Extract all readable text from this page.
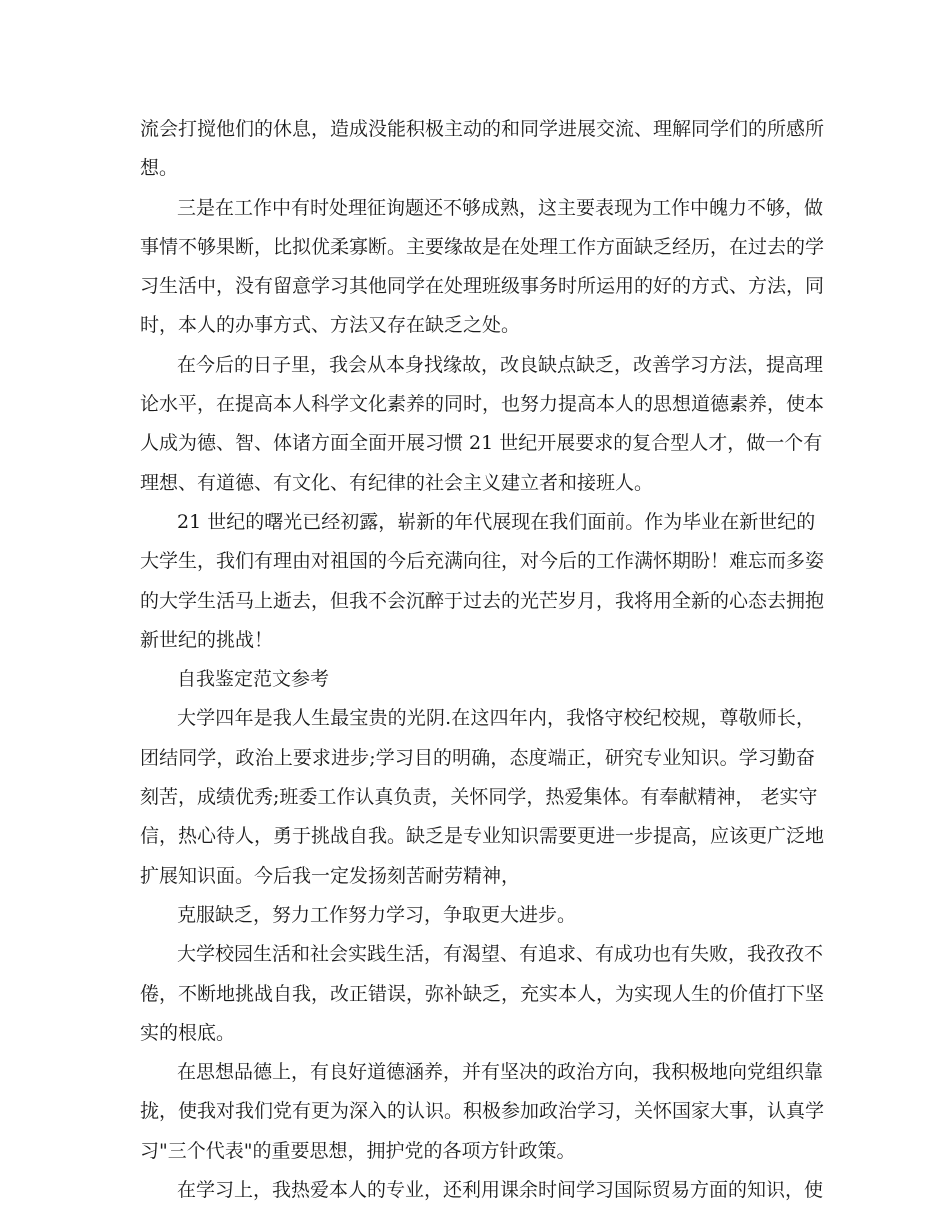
流会打搅他们的休息，造成没能积极主动的和同学进展交流、理解同学们的所感所
想。
三是在工作中有时处理征询题还不够成熟，这主要表现为工作中魄力不够，做
事情不够果断，比拟优柔寡断。主要缘故是在处理工作方面缺乏经历，在过去的学
习生活中，没有留意学习其他同学在处理班级事务时所运用的好的方式、方法，同
时，本人的办事方式、方法又存在缺乏之处。
在今后的日子里，我会从本身找缘故，改良缺点缺乏，改善学习方法，提高理
论水平，在提高本人科学文化素养的同时，也努力提高本人的思想道德素养，使本
人成为德、智、体诸方面全面开展习惯 21 世纪开展要求的复合型人才，做一个有
理想、有道德、有文化、有纪律的社会主义建立者和接班人。
21 世纪的曙光已经初露，崭新的年代展现在我们面前。作为毕业在新世纪的
大学生，我们有理由对祖国的今后充满向往，对今后的工作满怀期盼！难忘而多姿
的大学生活马上逝去，但我不会沉醉于过去的光芒岁月，我将用全新的心态去拥抱
新世纪的挑战！
自我鉴定范文参考
大学四年是我人生最宝贵的光阴.在这四年内，我恪守校纪校规，尊敬师长，
团结同学，政治上要求进步;学习目的明确，态度端正，研究专业知识。学习勤奋
刻苦，成绩优秀;班委工作认真负责，关怀同学，热爱集体。有奉献精神， 老实守
信，热心待人，勇于挑战自我。缺乏是专业知识需要更进一步提高，应该更广泛地
扩展知识面。今后我一定发扬刻苦耐劳精神，
克服缺乏，努力工作努力学习，争取更大进步。
大学校园生活和社会实践生活，有渴望、有追求、有成功也有失败，我孜孜不
倦，不断地挑战自我，改正错误，弥补缺乏，充实本人，为实现人生的价值打下坚
实的根底。
在思想品德上，有良好道德涵养，并有坚决的政治方向，我积极地向党组织靠
拢，使我对我们党有更为深入的认识。积极参加政治学习，关怀国家大事，认真学
习"三个代表"的重要思想，拥护党的各项方针政策。
在学习上，我热爱本人的专业，还利用课余时间学习国际贸易方面的知识，使
